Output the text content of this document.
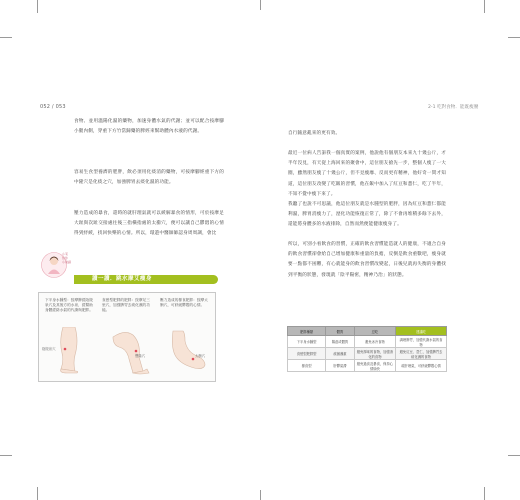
052 / 053

食物、並用溫陽化濕的藥物，加速身體水氣的代謝；並可以配合按摩腳小腿內側，穿重下方竹當歸藥的脾經來幫助體內水液的代謝。

容易生食型養濟的肥胖，飲必須用化痰消的藥物，可按摩腳經重下方的中隆穴是化痰之穴，加強脾胃去痰化濕的功能。

壓力造成的暴食，還時的就肝理氣就可以緩解暴食的情形，可於按摩足大趾與次趾交接處往後三指橫指處的太衝穴，便可以讓自己鬱悶的心情得到紓緩，找回快樂的心情。所以，環遊中醫師師認身周周調，會比

小茉
給你
小建議
讀一讀．跳水摩艾瘦身

下半身水腫型：按摩脾經陰陵泉穴及其後方的水泉，經幫助身體經絡水氣的代謝與肥胖。

食慾型肥胖的肥胖：按摩足三里穴，加強脾胃去痰化濕的功能。

壓力造成的暴食肥胖：按摩太衝穴，可紓緩鬱悶的心情。

陰陵泉穴
豐隆穴	太衝穴
2-1 吃對食物．能既瘦腰

自行隨意亂來的更有效。

最近一位病人告訴我一個真實的案例，他說他有個朋友本來九十幾公斤，才半年沒見，有天從上海回來的聚會中，這位朋友搶先一步，整個人瘦了一大圈，雖然朋友瘦了十幾公斤，但不見瘦靡、反而更有精神，他好奇一問才知道，這位朋友改變了吃飯的習慣，他在飯中加入了紅豆和薏仁，吃了半年，不知不覺中瘦下來了。

我聽了也說不可思議，他這位朋友就是水腫型的肥胖，因為紅豆和薏仁都能利濕，脾胃消瘦力了，溼化功能恢復正常了，除了不會再堆積多餘下去外，還能將身體多的水液排除，自然而然便能健康瘦身了。

所以，可別小看飲食的習慣，正確的飲食習慣能造就人的健康，不適合自身的飲食習慣卻會給自己增加健康和重量的負擔，反倒是飲食重數吧，瘦身就要一點都不困難，有心就能身的飲食習慣改變起，日後兒就再失衡的身體找到平衡的狀態，發現就「陰平陽密，精神乃治」的狀態。

肥胖種類	體質	忌吃	建議吃
下半身水腫型	陽虛或體質	避免冰冷食物	調理脾胃，加強代謝水氣的食物
食慾型肥胖型	痰濕濕重	避免厚味的食物，加強消化的食物	避免紅豆、薏仁，加強脾胃去痰化濕的食物
暴食型	肝鬱氣滯	避免過食及暴食，保持心情愉快	疏肝理氣，可紓緩鬱悶心情
